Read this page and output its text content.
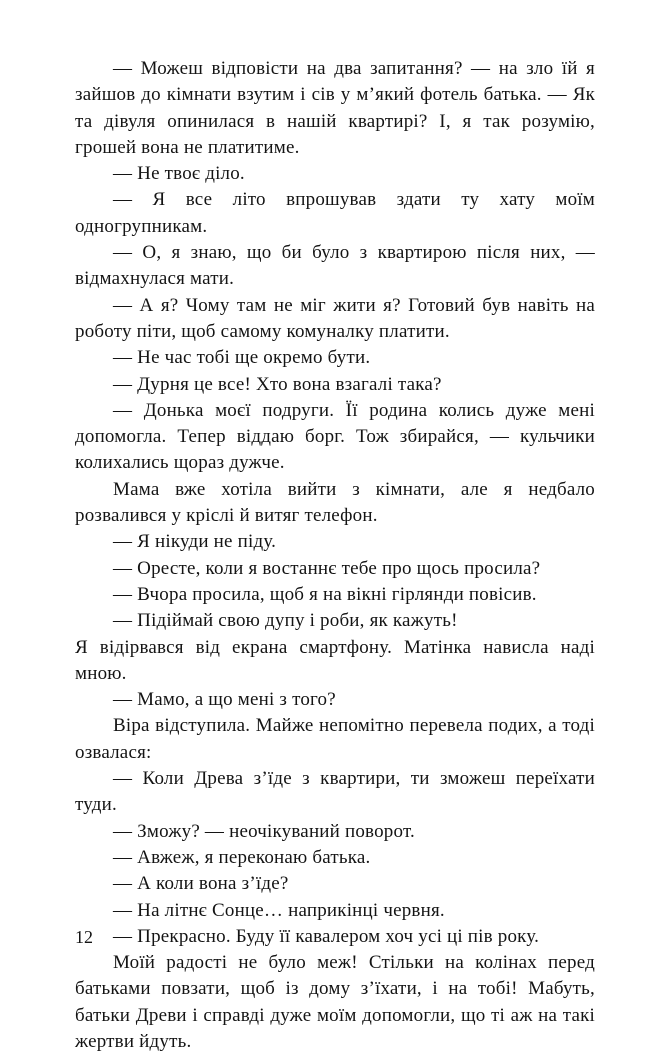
— Можеш відповісти на два запитання? — на зло їй я зайшов до кімнати взутим і сів у м’який фотель батька. — Як та дівуля опинилася в нашій квартирі? І, я так розумію, грошей вона не платитиме.

— Не твоє діло.

— Я все літо впрошував здати ту хату моїм одногрупникам.

— О, я знаю, що би було з квартирою після них, — відмахнулася мати.

— А я? Чому там не міг жити я? Готовий був навіть на роботу піти, щоб самому комуналку платити.

— Не час тобі ще окремо бути.

— Дурня це все! Хто вона взагалі така?

— Донька моєї подруги. Її родина колись дуже мені допомогла. Тепер віддаю борг. Тож збирайся, — кульчики колихались щораз дужче.

Мама вже хотіла вийти з кімнати, але я недбало розвалився у кріслі й витяг телефон.

— Я нікуди не піду.

— Оресте, коли я востаннє тебе про щось просила?

— Вчора просила, щоб я на вікні гірлянди повісив.

— Підіймай свою дупу і роби, як кажуть!

Я відірвався від екрана смартфону. Матінка нависла наді мною.

— Мамо, а що мені з того?

Віра відступила. Майже непомітно перевела подих, а тоді озвалася:

— Коли Древа з’їде з квартири, ти зможеш переїхати туди.

— Зможу? — неочікуваний поворот.

— Авжеж, я переконаю батька.

— А коли вона з’їде?

— На літнє Сонце… наприкінці червня.

— Прекрасно. Буду її кавалером хоч усі ці пів року.

Моїй радості не було меж! Стільки на колінах перед батьками повзати, щоб із дому з’їхати, і на тобі! Мабуть, батьки Древи і справді дуже моїм допомогли, що ті аж на такі жертви йдуть.

12
